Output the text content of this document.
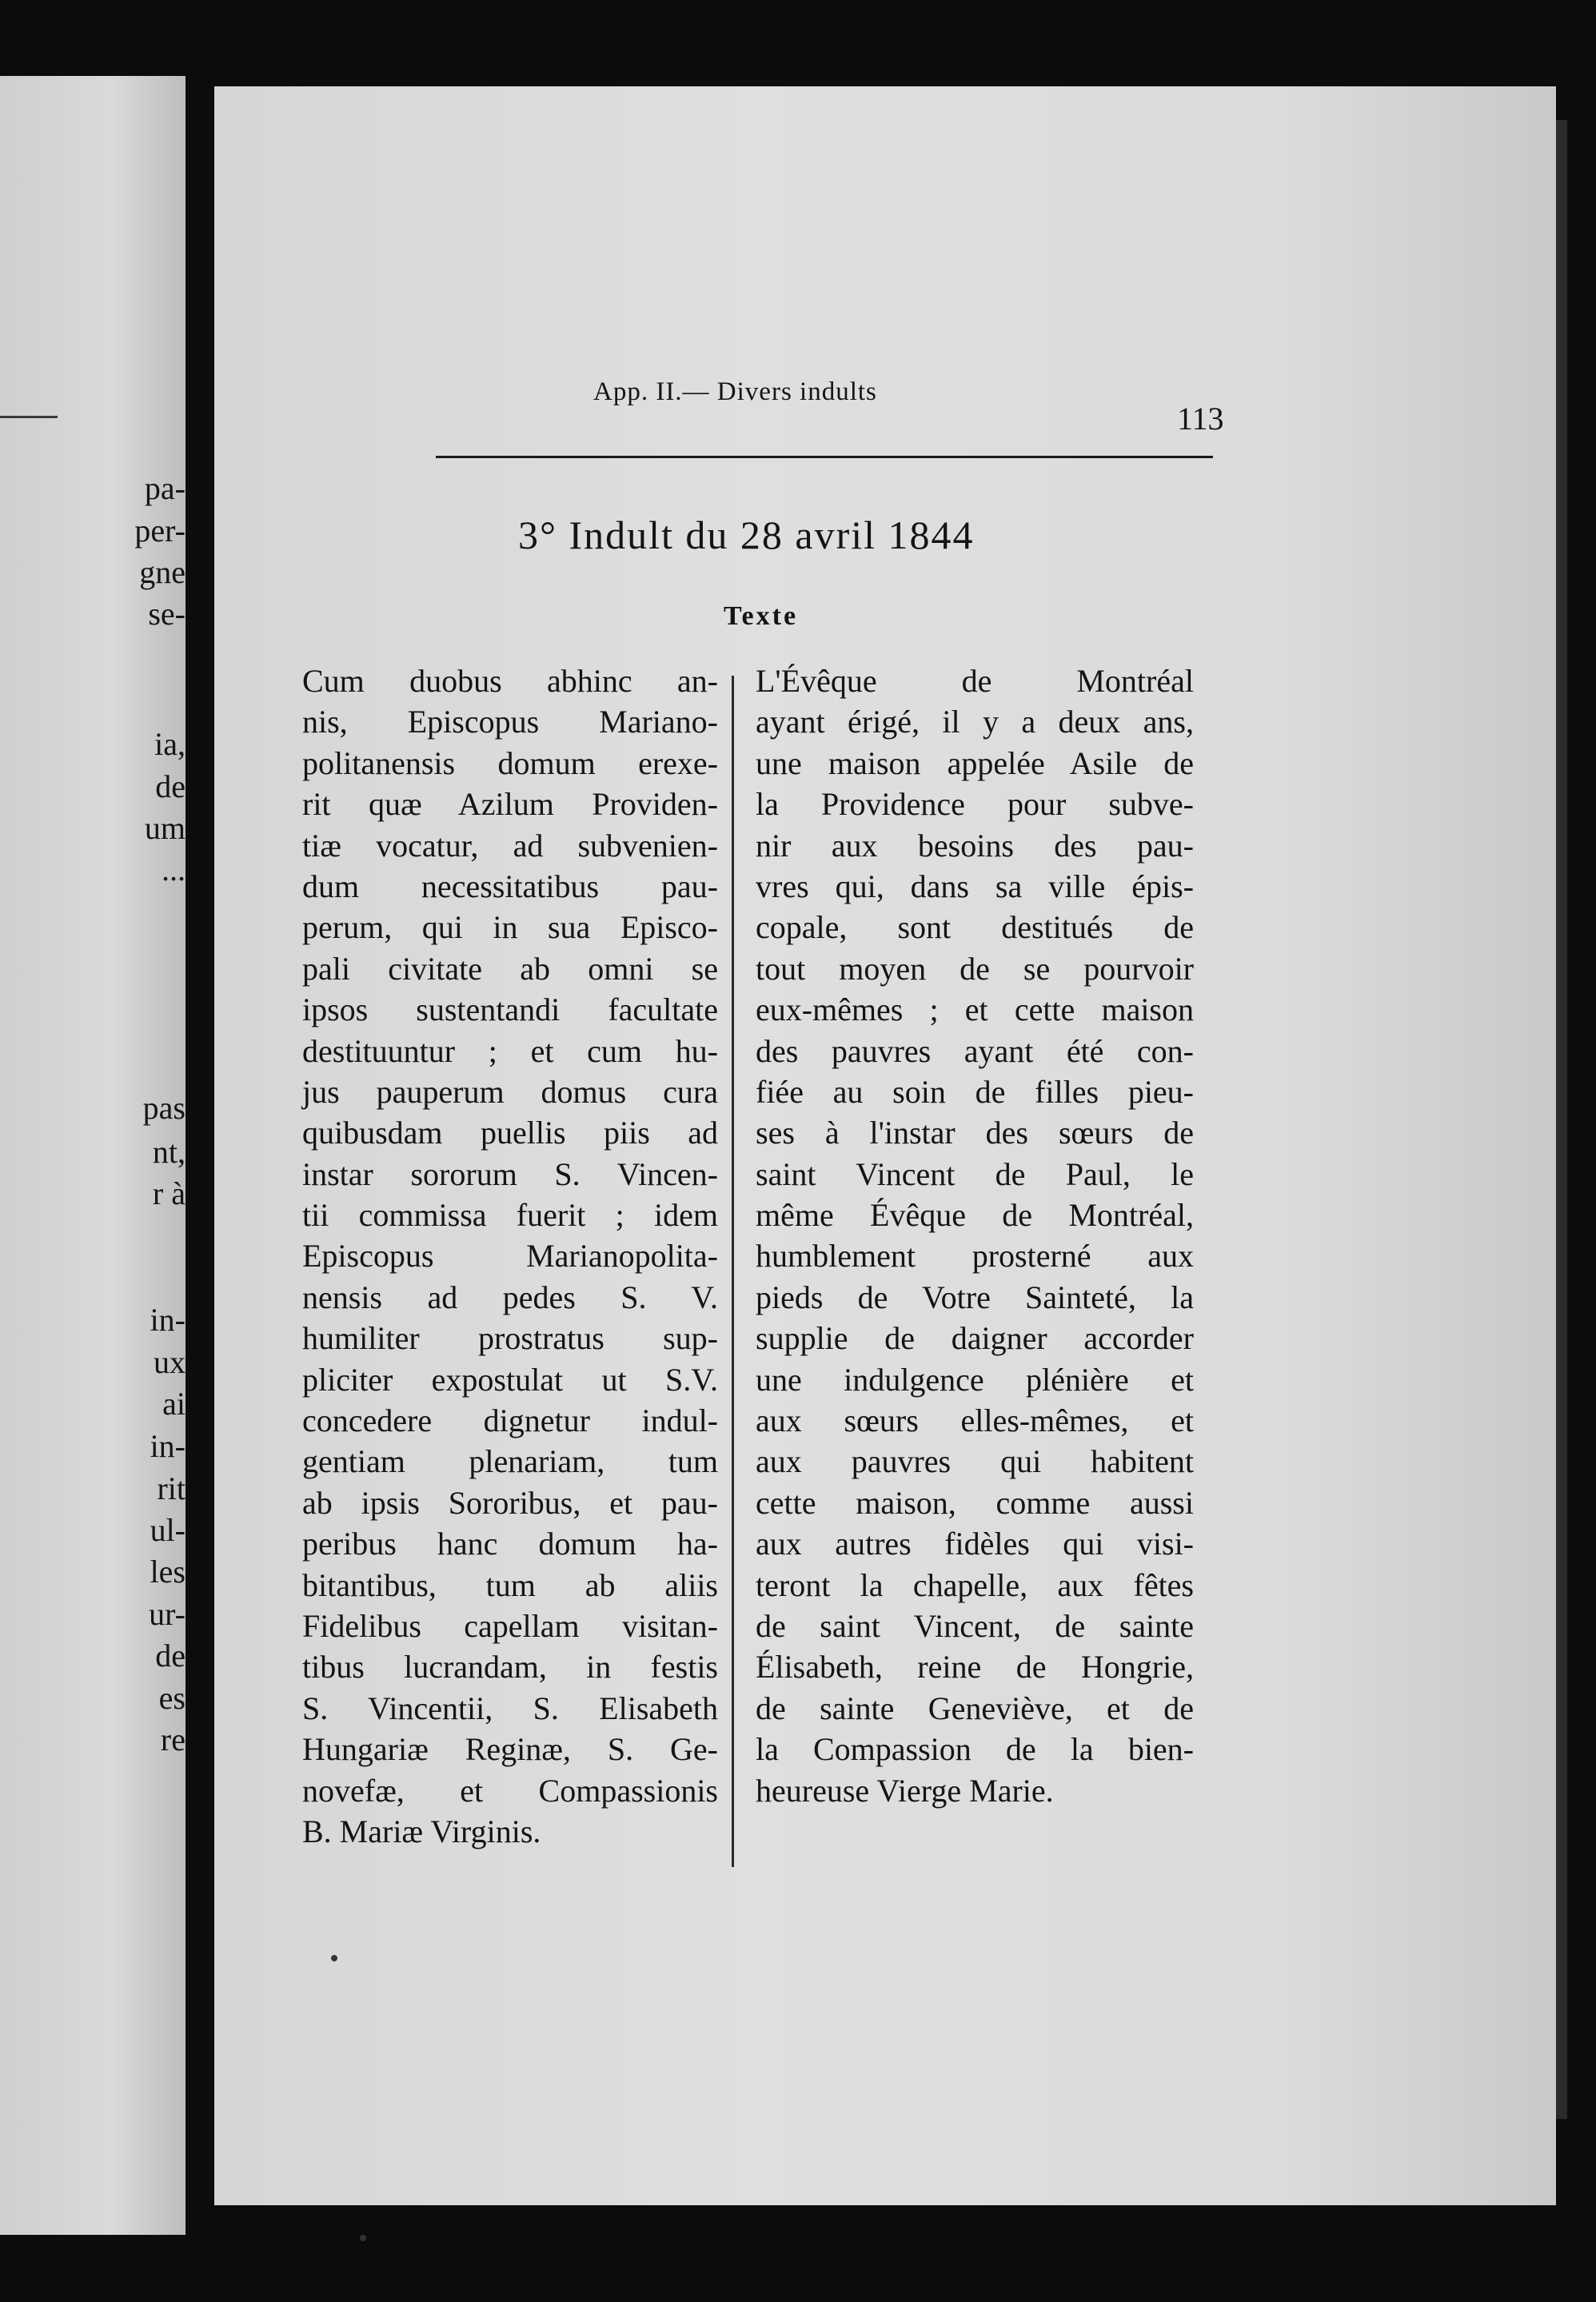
pa-
per-
gne
se-
ia,
de
um
...
pas
nt,
r à
in-
ux
ai
in-
rit
ul-
les
ur-
de
es
re
App. II.— Divers indults
113
3° Indult du 28 avril 1844
Texte
Cum duobus abhinc an-
nis, Episcopus Mariano-
politanensis domum erexe-
rit quæ Azilum Providen-
tiæ vocatur, ad subvenien-
dum necessitatibus pau-
perum, qui in sua Episco-
pali civitate ab omni se
ipsos sustentandi facultate
destituuntur ; et cum hu-
jus pauperum domus cura
quibusdam puellis piis ad
instar sororum S. Vincen-
tii commissa fuerit ; idem
Episcopus Marianopolita-
nensis ad pedes S. V.
humiliter prostratus sup-
pliciter expostulat ut S.V.
concedere dignetur indul-
gentiam plenariam, tum
ab ipsis Sororibus, et pau-
peribus hanc domum ha-
bitantibus, tum ab aliis
Fidelibus capellam visitan-
tibus lucrandam, in festis
S. Vincentii, S. Elisabeth
Hungariæ Reginæ, S. Ge-
novefæ, et Compassionis
B. Mariæ Virginis.
L'Évêque de Montréal
ayant érigé, il y a deux ans,
une maison appelée Asile de
la Providence pour subve-
nir aux besoins des pau-
vres qui, dans sa ville épis-
copale, sont destitués de
tout moyen de se pourvoir
eux-mêmes ; et cette maison
des pauvres ayant été con-
fiée au soin de filles pieu-
ses à l'instar des sœurs de
saint Vincent de Paul, le
même Évêque de Montréal,
humblement prosterné aux
pieds de Votre Sainteté, la
supplie de daigner accorder
une indulgence plénière et
aux sœurs elles-mêmes, et
aux pauvres qui habitent
cette maison, comme aussi
aux autres fidèles qui visi-
teront la chapelle, aux fêtes
de saint Vincent, de sainte
Élisabeth, reine de Hongrie,
de sainte Geneviève, et de
la Compassion de la bien-
heureuse Vierge Marie.
